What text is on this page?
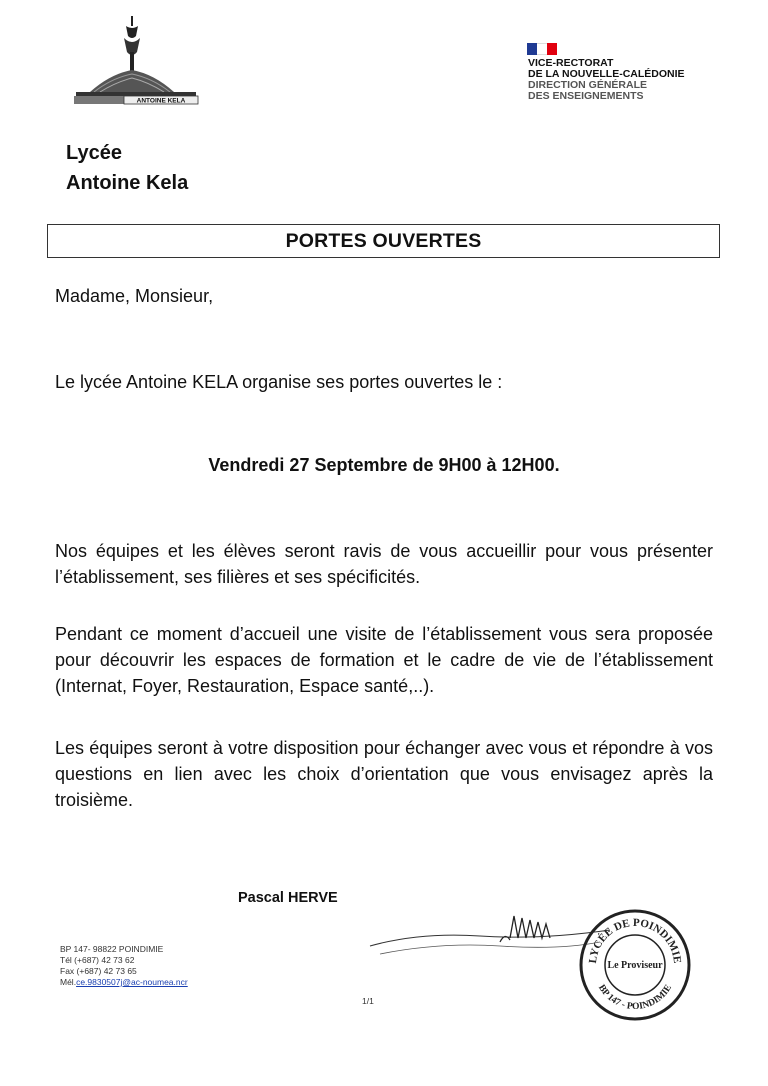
ANTOINE KELA
VICE-RECTORAT
DE LA NOUVELLE-CALÉDONIE
DIRECTION GÉNÉRALE
DES ENSEIGNEMENTS
Lycée
Antoine Kela
PORTES OUVERTES
Madame, Monsieur,
Le lycée Antoine KELA organise ses portes ouvertes le :
Vendredi 27 Septembre de 9H00 à 12H00.
Nos équipes et les élèves seront ravis de vous accueillir pour vous présenter l’établissement, ses filières et ses spécificités.
Pendant ce moment d’accueil une visite de l’établissement vous sera proposée pour découvrir les espaces de formation et le cadre de vie de l’établissement (Internat, Foyer, Restauration, Espace santé,..).
Les équipes seront à votre disposition pour échanger avec vous et répondre à vos questions en lien avec les choix d’orientation que vous envisagez après la troisième.
Pascal HERVE
LYCÉE DE POINDIMIE
BP 147 - POINDIMIE
Le Proviseur
BP 147- 98822 POINDIMIE
Tél (+687) 42 73 62
Fax (+687) 42 73 65
Mél.ce.9830507j@ac-noumea.ncr
1/1
